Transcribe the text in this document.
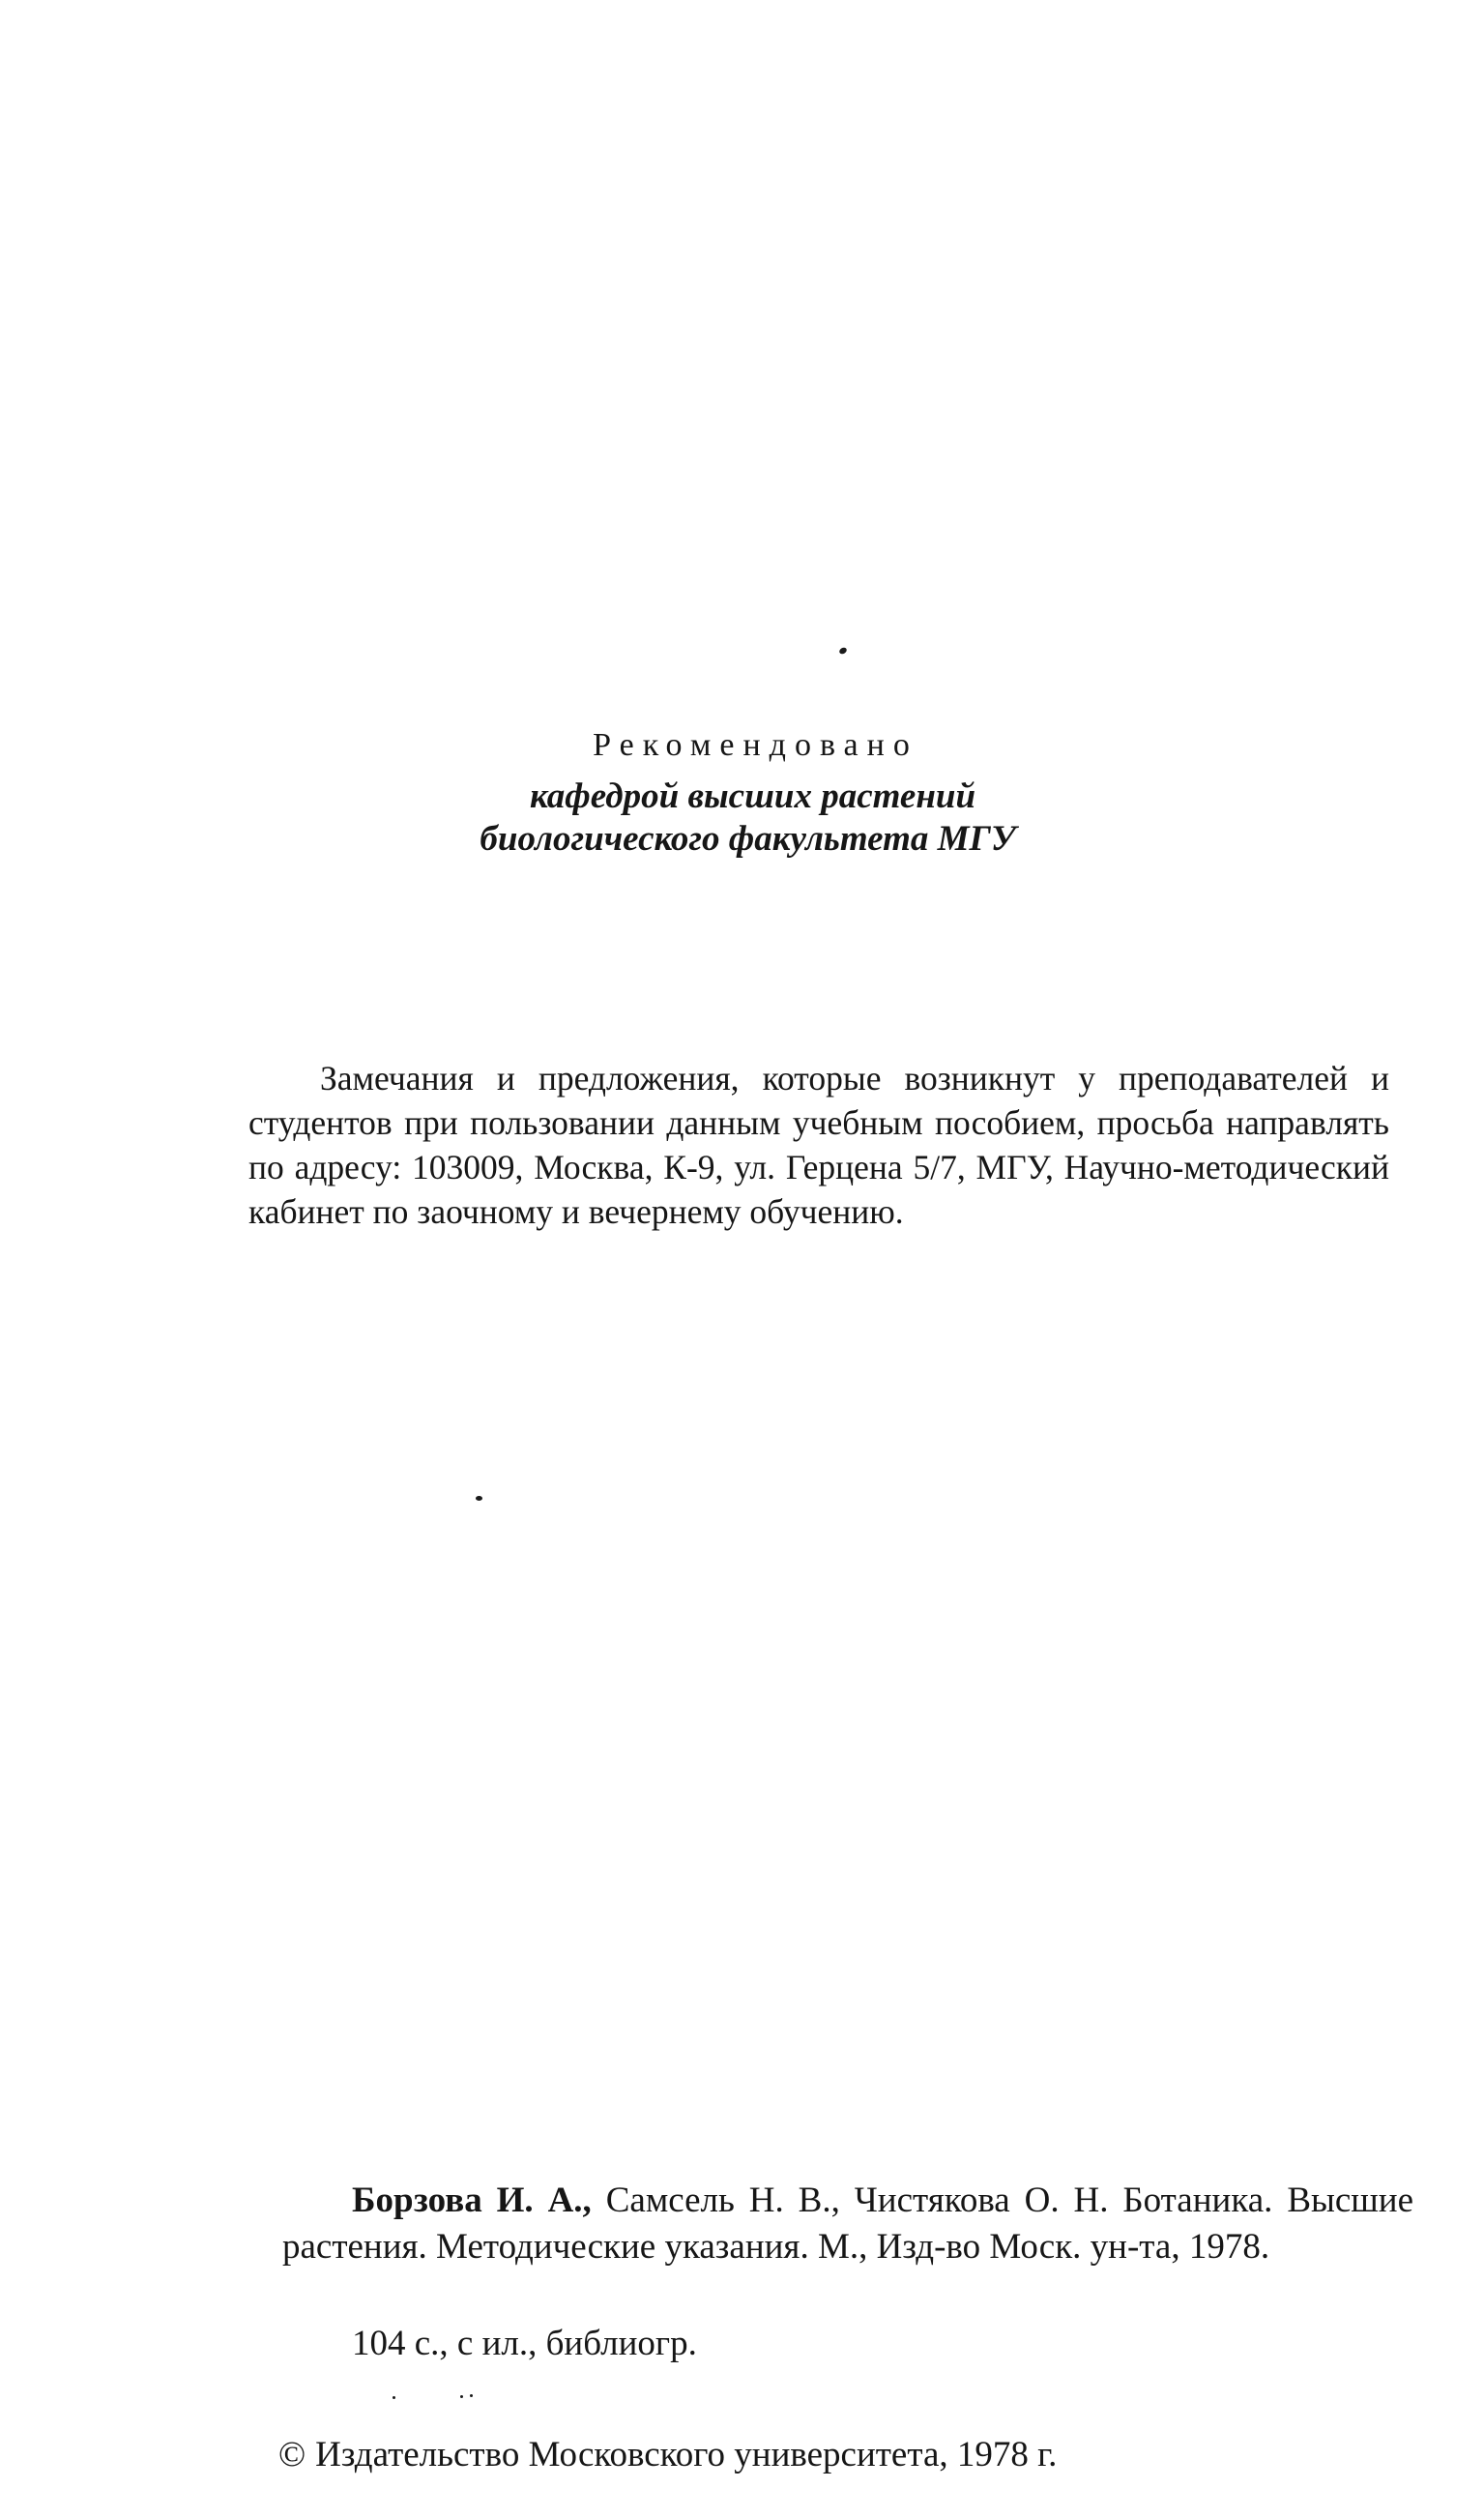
Рекомендовано
кафедрой высших растений
биологического факультета МГУ
Замечания и предложения, которые возникнут у преподавателей и студентов при пользовании данным учебным пособием, просьба направлять по адресу: 103009, Москва, К-9, ул. Герцена 5/7, МГУ, Научно-методический кабинет по заочному и вечернему обучению.
Борзова И. А., Самсель Н. В., Чистякова О. Н. Ботаника. Высшие растения. Методические указания. М., Изд-во Моск. ун-та, 1978.
104 с., с ил., библиогр.
© Издательство Московского университета, 1978 г.
